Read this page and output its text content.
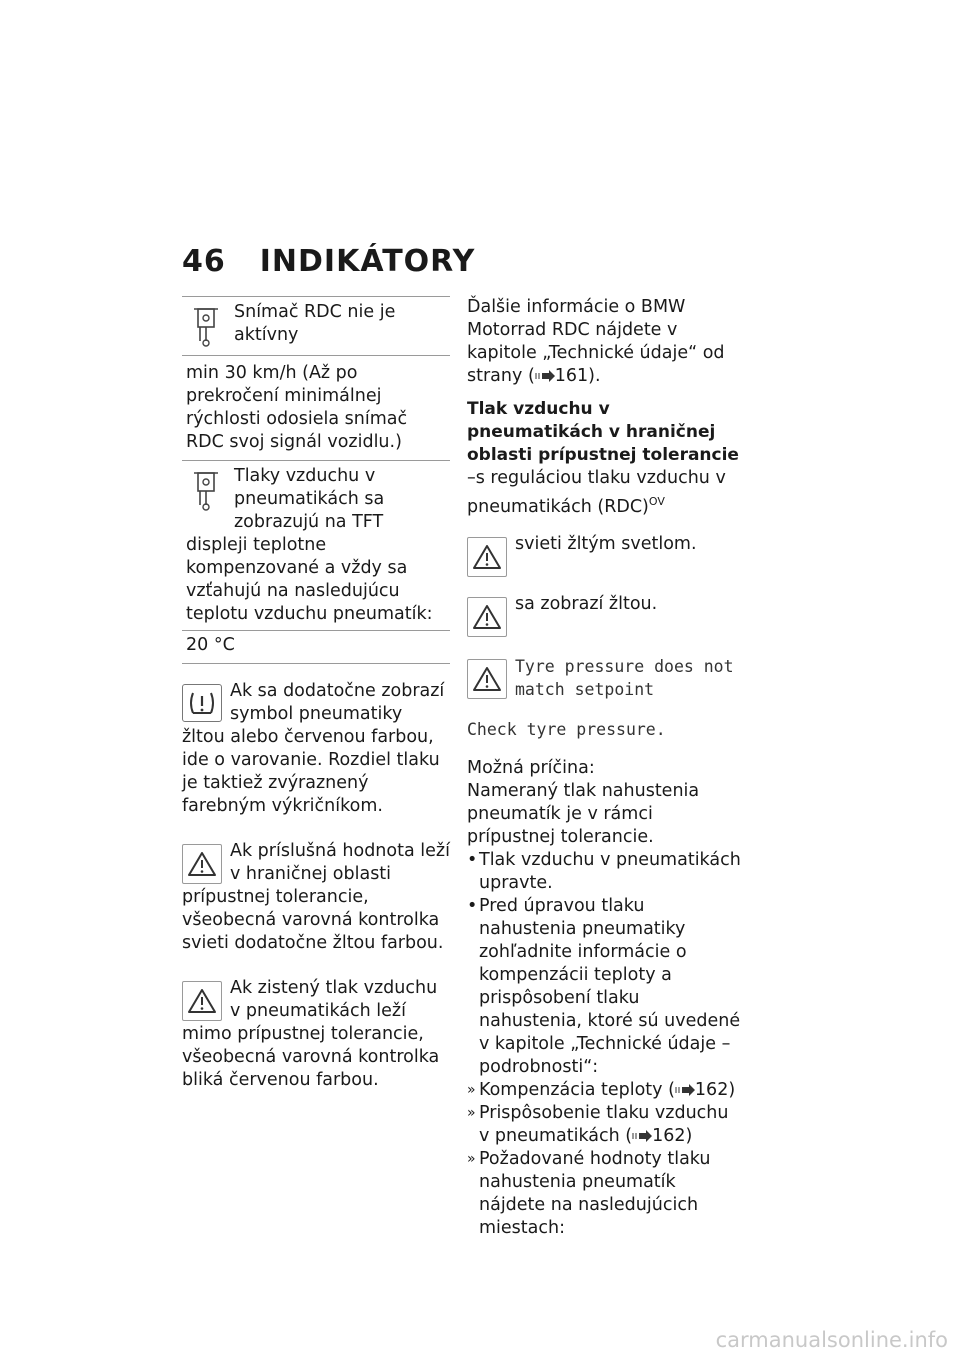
46 INDIKÁTORY

Snímač RDC nie je aktívny

min 30 km/h (Až po prekročení minimálnej rýchlosti odosiela snímač RDC svoj signál vozidlu.)

Tlaky vzduchu v pneumatikách sa zobrazujú na TFT displeji teplotne kompenzované a vždy sa vzťahujú na nasledujúcu teplotu vzduchu pneumatík:

20 °C

Ak sa dodatočne zobrazí symbol pneumatiky žltou alebo červenou farbou, ide o varovanie. Rozdiel tlaku je taktiež zvýraznený farebným výkričníkom.

Ak príslušná hodnota leží v hraničnej oblasti prípustnej tolerancie, všeobecná varovná kontrolka svieti dodatočne žltou farbou.

Ak zistený tlak vzduchu v pneumatikách leží mimo prípustnej tolerancie, všeobecná varovná kontrolka bliká červenou farbou.

Ďalšie informácie o BMW Motorrad RDC nájdete v kapitole „Technické údaje“ od strany ( 161).

Tlak vzduchu v pneumatikách v hraničnej oblasti prípustnej tolerancie

–s reguláciou tlaku vzduchu v pneumatikách (RDC)$^{OV}$

svieti žltým svetlom.

sa zobrazí žltou.

Tyre pressure does not match setpoint

Check tyre pressure.

Možná príčina:

Nameraný tlak nahustenia pneumatík je v rámci prípustnej tolerancie.

• Tlak vzduchu v pneumatikách upravte.
• Pred úpravou tlaku nahustenia pneumatiky zohľadnite informácie o kompenzácii teploty a prispôsobení tlaku nahustenia, ktoré sú uvedené v kapitole „Technické údaje – podrobnosti“:
» Kompenzácia teploty ( 162)
» Prispôsobenie tlaku vzduchu v pneumatikách ( 162)
» Požadované hodnoty tlaku nahustenia pneumatík nájdete na nasledujúcich miestach:
carmanualsonline.info
